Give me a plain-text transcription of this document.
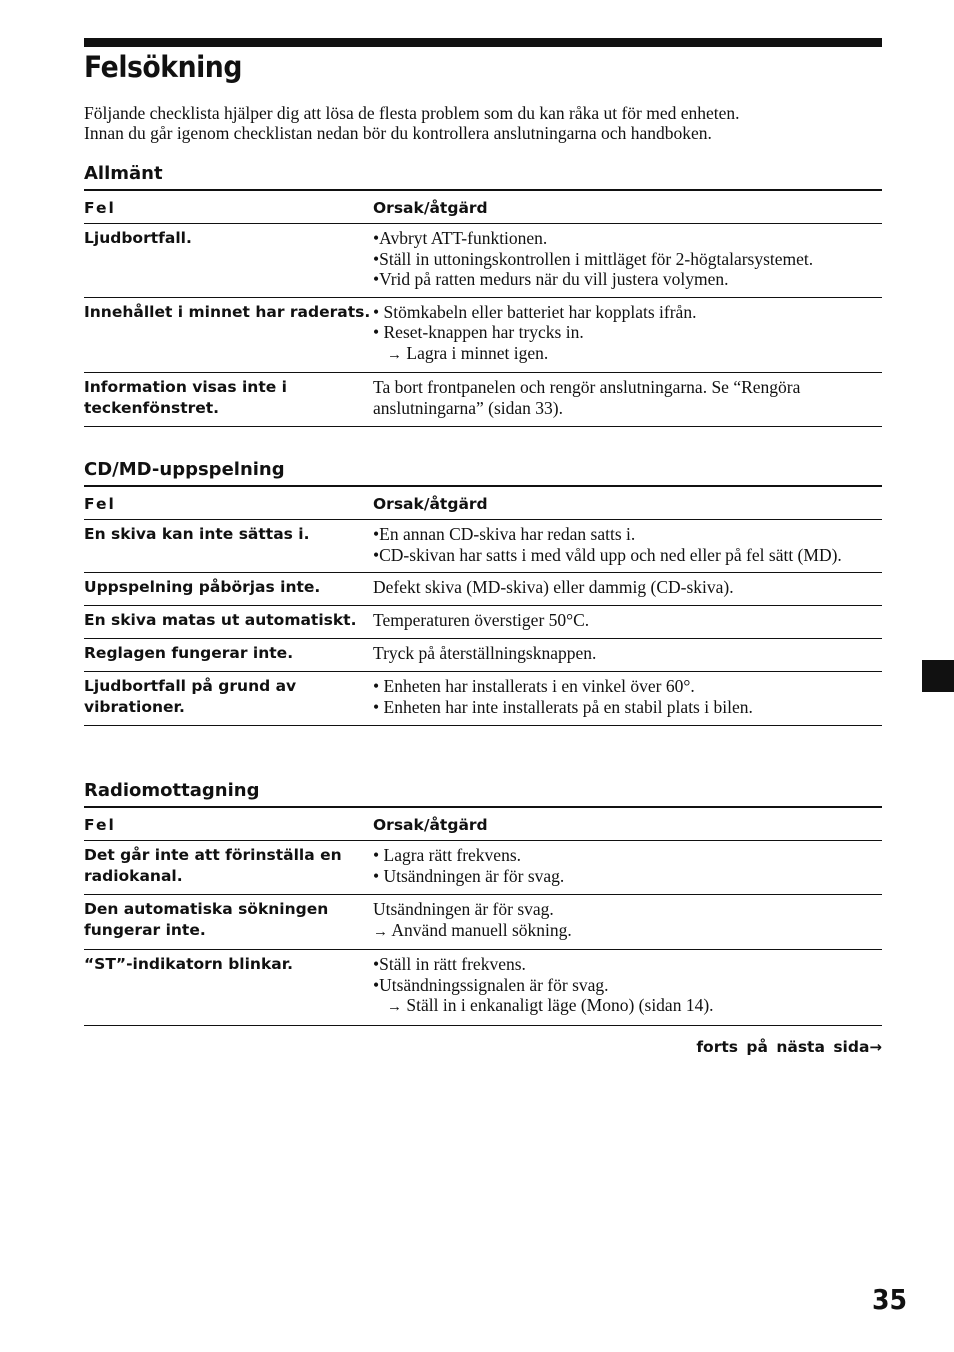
Felsökning

Följande checklista hjälper dig att lösa de flesta problem som du kan råka ut för med enheten.

Innan du går igenom checklistan nedan bör du kontrollera anslutningarna och handboken.

Allmänt
Fel	Orsak/åtgärd
Ljudbortfall.	•Avbryt ATT-funktionen.
•Ställ in uttoningskontrollen i mittläget för 2-högtalarsystemet.
•Vrid på ratten medurs när du vill justera volymen.

Innehållet i minnet har raderats.	• Stömkabeln eller batteriet har kopplats ifrån.
• Reset-knappen har trycks in.
→ Lagra i minnet igen.

Information visas inte i teckenfönstret.	Ta bort frontpanelen och rengör anslutningarna. Se “Rengöra anslutningarna” (sidan 33).
CD/MD-uppspelning
Fel	Orsak/åtgärd
En skiva kan inte sättas i.	•En annan CD-skiva har redan satts i.
•CD-skivan har satts i med våld upp och ned eller på fel sätt (MD).

Uppspelning påbörjas inte.	Defekt skiva (MD-skiva) eller dammig (CD-skiva).

En skiva matas ut automatiskt.	Temperaturen överstiger 50°C.

Reglagen fungerar inte.	Tryck på återställningsknappen.

Ljudbortfall på grund av vibrationer.	• Enheten har installerats i en vinkel över 60°.
• Enheten har inte installerats på en stabil plats i bilen.
Radiomottagning
Fel	Orsak/åtgärd
Det går inte att förinställa en radiokanal.	• Lagra rätt frekvens.
• Utsändningen är för svag.

Den automatiska sökningen fungerar inte.	Utsändningen är för svag.
→ Använd manuell sökning.

“ST”-indikatorn blinkar.	•Ställ in rätt frekvens.
•Utsändningssignalen är för svag.
→ Ställ in i enkanaligt läge (Mono) (sidan 14).
forts på nästa sida→
35
